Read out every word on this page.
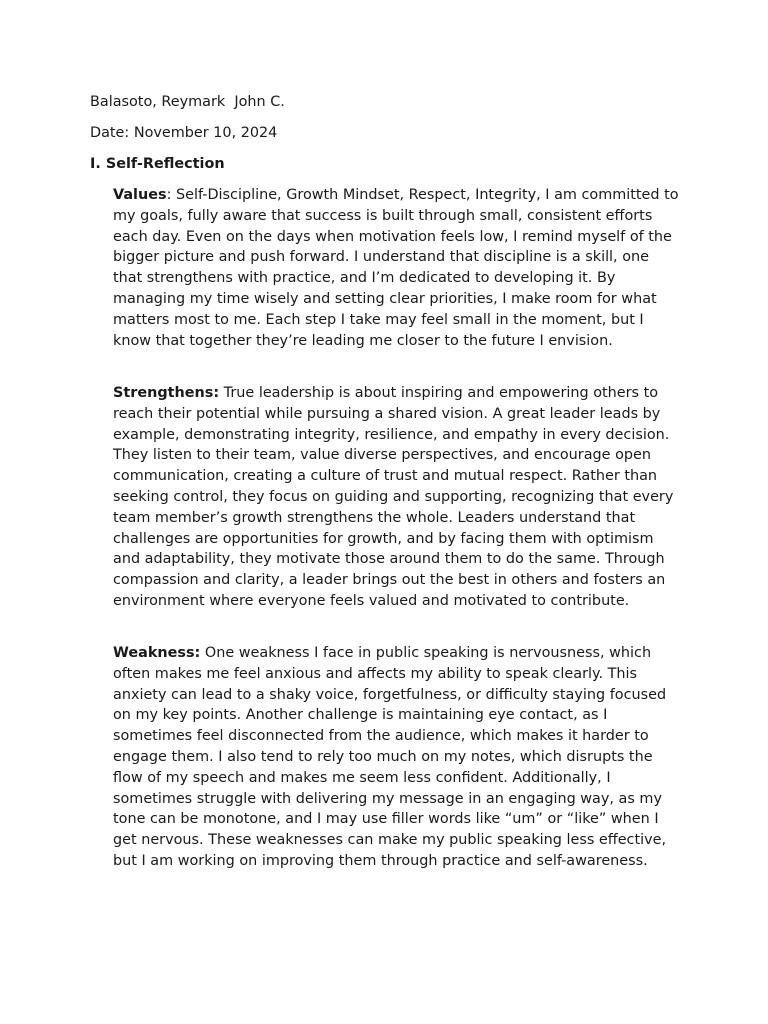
Balasoto, Reymark  John C.
Date: November 10, 2024
I. Self-Reflection

Values: Self-Discipline, Growth Mindset, Respect, Integrity, I am committed to my goals, fully aware that success is built through small, consistent efforts each day. Even on the days when motivation feels low, I remind myself of the bigger picture and push forward. I understand that discipline is a skill, one that strengthens with practice, and I’m dedicated to developing it. By managing my time wisely and setting clear priorities, I make room for what matters most to me. Each step I take may feel small in the moment, but I know that together they’re leading me closer to the future I envision.

Strengthens: True leadership is about inspiring and empowering others to reach their potential while pursuing a shared vision. A great leader leads by example, demonstrating integrity, resilience, and empathy in every decision. They listen to their team, value diverse perspectives, and encourage open communication, creating a culture of trust and mutual respect. Rather than seeking control, they focus on guiding and supporting, recognizing that every team member’s growth strengthens the whole. Leaders understand that challenges are opportunities for growth, and by facing them with optimism and adaptability, they motivate those around them to do the same. Through compassion and clarity, a leader brings out the best in others and fosters an environment where everyone feels valued and motivated to contribute.

Weakness: One weakness I face in public speaking is nervousness, which often makes me feel anxious and affects my ability to speak clearly. This anxiety can lead to a shaky voice, forgetfulness, or difficulty staying focused on my key points. Another challenge is maintaining eye contact, as I sometimes feel disconnected from the audience, which makes it harder to engage them. I also tend to rely too much on my notes, which disrupts the flow of my speech and makes me seem less confident. Additionally, I sometimes struggle with delivering my message in an engaging way, as my tone can be monotone, and I may use filler words like “um” or “like” when I get nervous. These weaknesses can make my public speaking less effective, but I am working on improving them through practice and self-awareness.
